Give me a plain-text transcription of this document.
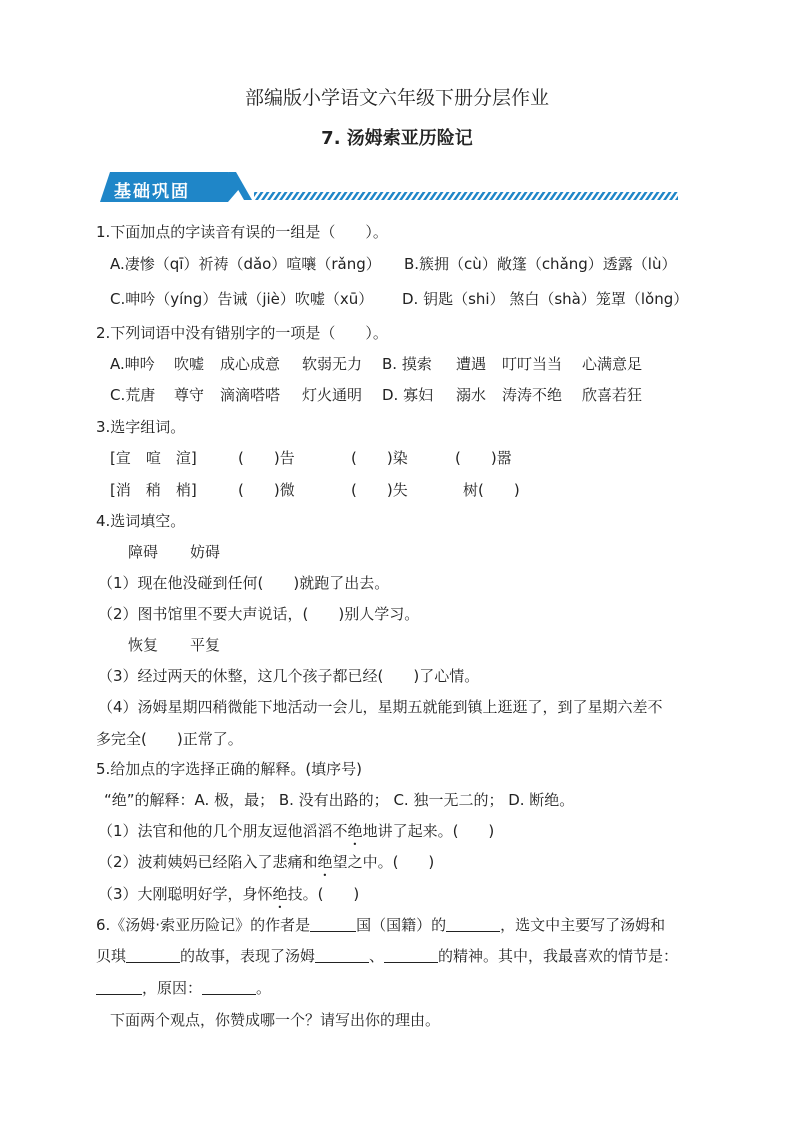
部编版小学语文六年级下册分层作业
7. 汤姆索亚历险记
基础巩固
1.下面加点的字读音有误的一组是（　　）。
A.凄惨（qī）祈祷（dǎo）喧嚷（rǎng） B.簇拥（cù）敞篷（chǎng）透露（lù）
C.呻吟（yíng）告诫（jiè）吹嘘（xū） D. 钥匙（shi） 煞白（shà）笼罩（lǒng）
2.下列词语中没有错别字的一项是（　　）。
A.呻吟 吹嘘 成心成意 软弱无力 B. 摸索 遭遇 叮叮当当 心满意足
C.荒唐 尊守 滴滴嗒嗒 灯火通明 D. 寡妇 溺水 涛涛不绝 欣喜若狂
3.选字组词。
[宣　喧　渲]	(　　)告	(　　)染	(　　)嚣
[消　稍　梢]	(　　)微	(　　)失	树(　　)
4.选词填空。
障碍 妨碍
（1）现在他没碰到任何(　　)就跑了出去。
（2）图书馆里不要大声说话，(　　)别人学习。
恢复 平复
（3）经过两天的休整，这几个孩子都已经(　　)了心情。
（4）汤姆星期四稍微能下地活动一会儿，星期五就能到镇上逛逛了，到了星期六差不
多完全(　　)正常了。
5.给加点的字选择正确的解释。(填序号)
“绝”的解释：A. 极，最； B. 没有出路的； C. 独一无二的； D. 断绝。
（1）法官和他的几个朋友逗他滔滔不绝地讲了起来。(　　)
（2）波莉姨妈已经陷入了悲痛和绝望之中。(　　)
（3）大刚聪明好学，身怀绝技。(　　)
6.《汤姆·索亚历险记》的作者是	国（国籍）的	，选文中主要写了汤姆和
贝琪	的故事，表现了汤姆	、	的精神。其中，我最喜欢的情节是：
，原因：	。
下面两个观点，你赞成哪一个？请写出你的理由。
